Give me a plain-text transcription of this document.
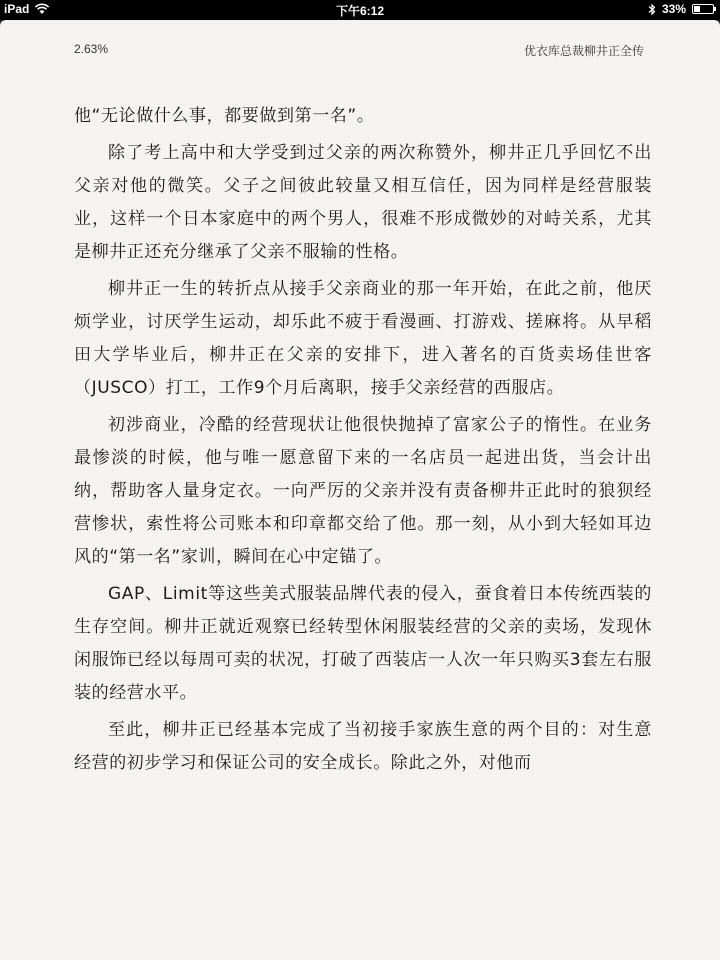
iPad	下午6:12	33%
2.63%	优衣库总裁柳井正全传

他“无论做什么事，都要做到第一名”。

除了考上高中和大学受到过父亲的两次称赞外，柳井正几乎回忆不出父亲对他的微笑。父子之间彼此较量又相互信任，因为同样是经营服装业，这样一个日本家庭中的两个男人，很难不形成微妙的对峙关系，尤其是柳井正还充分继承了父亲不服输的性格。

柳井正一生的转折点从接手父亲商业的那一年开始，在此之前，他厌烦学业，讨厌学生运动，却乐此不疲于看漫画、打游戏、搓麻将。从早稻田大学毕业后，柳井正在父亲的安排下，进入著名的百货卖场佳世客（JUSCO）打工，工作9个月后离职，接手父亲经营的西服店。

初涉商业，冷酷的经营现状让他很快抛掉了富家公子的惰性。在业务最惨淡的时候，他与唯一愿意留下来的一名店员一起进出货，当会计出纳，帮助客人量身定衣。一向严厉的父亲并没有责备柳井正此时的狼狈经营惨状，索性将公司账本和印章都交给了他。那一刻，从小到大轻如耳边风的“第一名”家训，瞬间在心中定锚了。

GAP、Limit等这些美式服装品牌代表的侵入，蚕食着日本传统西装的生存空间。柳井正就近观察已经转型休闲服装经营的父亲的卖场，发现休闲服饰已经以每周可卖的状况，打破了西装店一人次一年只购买3套左右服装的经营水平。

至此，柳井正已经基本完成了当初接手家族生意的两个目的：对生意经营的初步学习和保证公司的安全成长。除此之外，对他而
